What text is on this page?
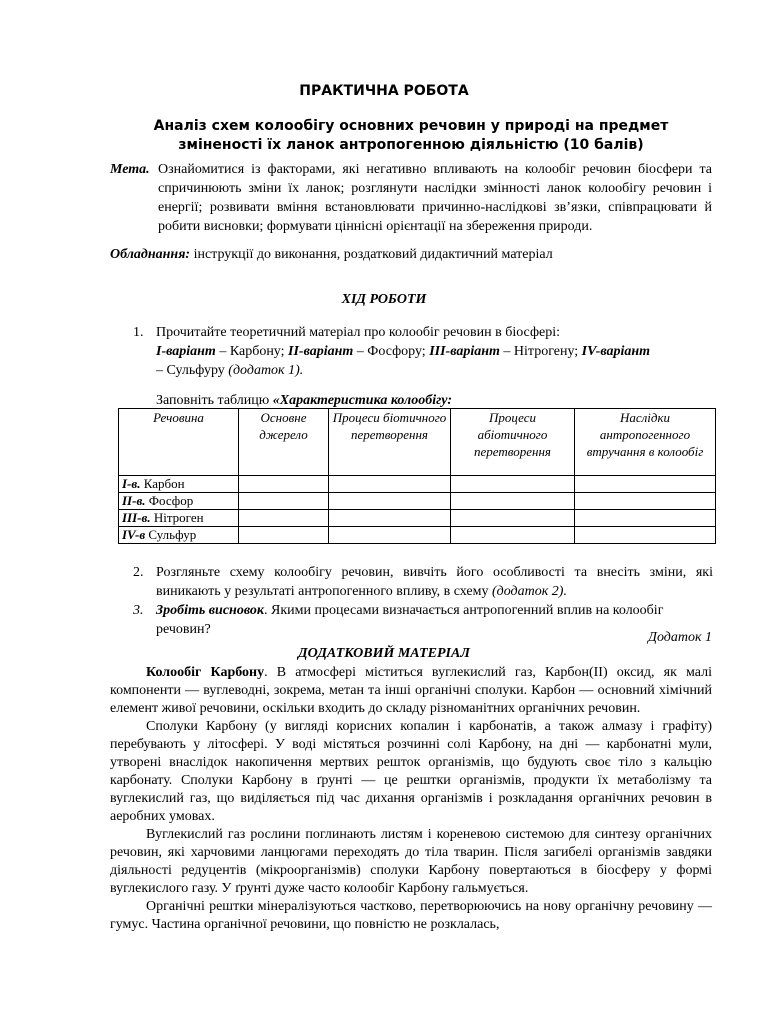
ПРАКТИЧНА РОБОТА
Аналіз схем колообігу основних речовин у природі на предмет
зміненості їх ланок антропогенною діяльністю (10 балів)
Мета. Ознайомитися із факторами, які негативно впливають на колообіг речовин біосфери та спричинюють зміни їх ланок; розглянути наслідки змінності ланок колообігу речовин і енергії; розвивати вміння встановлювати причинно-наслідкові зв’язки, співпрацювати й робити висновки; формувати ціннісні орієнтації на збереження природи.
Обладнання: інструкції до виконання, роздатковий дидактичний матеріал
ХІД РОБОТИ
1. Прочитайте теоретичний матеріал про колообіг речовин в біосфері:
І-варіант – Карбону; ІІ-варіант – Фосфору; ІІІ-варіант – Нітрогену; ІV-варіант
– Сульфуру (додаток 1).
Заповніть таблицю «Характеристика колообігу:
Речовина	Основне джерело	Процеси біотичного перетворення	Процеси абіотичного перетворення	Наслідки антропогенного втручання в колообіг
І-в. Карбон				
ІІ-в. Фосфор				
ІІІ-в. Нітроген				
ІV-в Сульфур				
2. Розгляньте схему колообігу речовин, вивчіть його особливості та внесіть зміни, які виникають у результаті антропогенного впливу, в схему (додаток 2).
3. Зробіть висновок. Якими процесами визначається антропогенний вплив на колообіг речовин?
Додаток 1
ДОДАТКОВИЙ МАТЕРІАЛ

Колообіг Карбону. В атмосфері міститься вуглекислий газ, Карбон(II) оксид, як малі компоненти — вуглеводні, зокрема, метан та інші органічні сполуки. Карбон — основний хімічний елемент живої речовини, оскільки входить до складу різноманітних органічних речовин.

Сполуки Карбону (у вигляді корисних копалин і карбонатів, а також алмазу і графіту) перебувають у літосфері. У воді містяться розчинні солі Карбону, на дні — карбонатні мули, утворені внаслідок накопичення мертвих решток організмів, що будують своє тіло з кальцію карбонату. Сполуки Карбону в ґрунті — це рештки організмів, продукти їх метаболізму та вуглекислий газ, що виділяється під час дихання організмів і розкладання органічних речовин в аеробних умовах.

Вуглекислий газ рослини поглинають листям і кореневою системою для синтезу органічних речовин, які харчовими ланцюгами переходять до тіла тварин. Після загибелі організмів завдяки діяльності редуцентів (мікроорганізмів) сполуки Карбону повертаються в біосферу у формі вуглекислого газу. У ґрунті дуже часто колообіг Карбону гальмується.

Органічні рештки мінералізуються частково, перетворюючись на нову органічну речовину — гумус. Частина органічної речовини, що повністю не розклалась,
